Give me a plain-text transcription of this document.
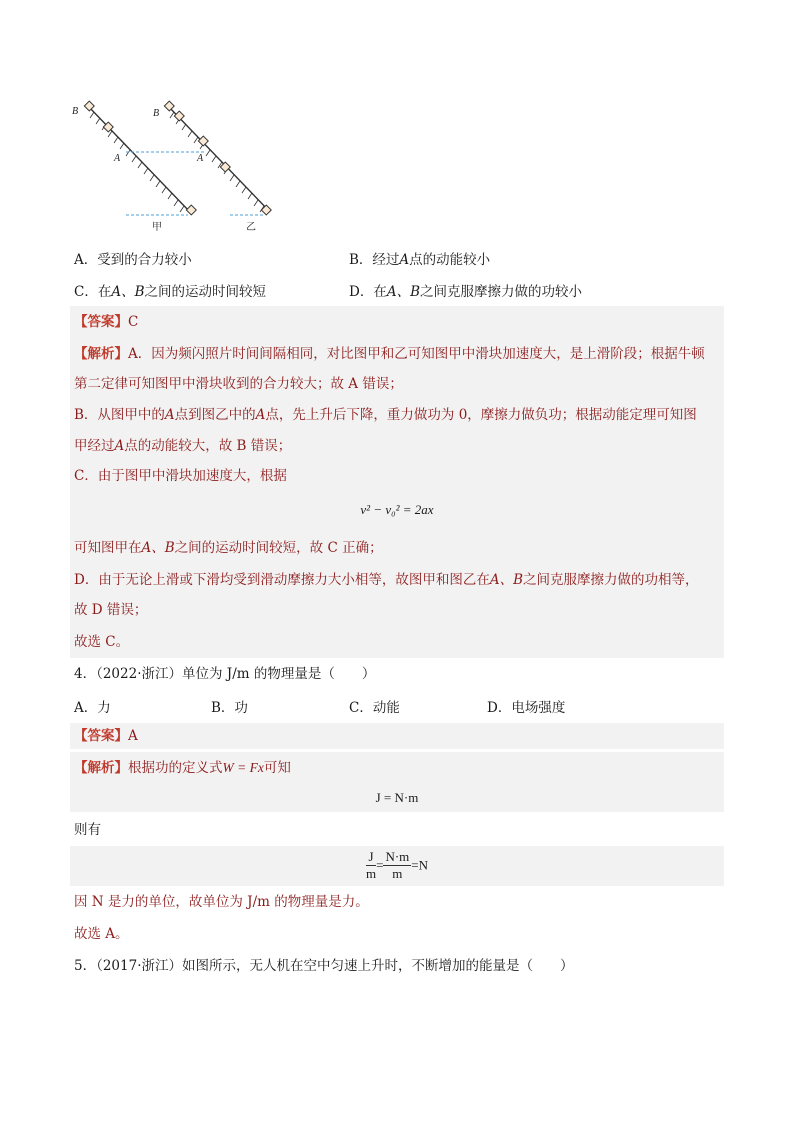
B
A
甲
B
A
乙
A．受到的合力较小	B．经过A点的动能较小
C．在A、B之间的运动时间较短	D．在A、B之间克服摩擦力做的功较小
【答案】C
【解析】A．因为频闪照片时间间隔相同，对比图甲和乙可知图甲中滑块加速度大，是上滑阶段；根据牛顿
第二定律可知图甲中滑块收到的合力较大；故 A 错误；
B．从图甲中的A点到图乙中的A点，先上升后下降，重力做功为 0，摩擦力做负功；根据动能定理可知图
甲经过A点的动能较大，故 B 错误；
C．由于图甲中滑块加速度大，根据
v² − v₀² = 2ax
可知图甲在A、B之间的运动时间较短，故 C 正确；
D．由于无论上滑或下滑均受到滑动摩擦力大小相等，故图甲和图乙在A、B之间克服摩擦力做的功相等，
故 D 错误；
故选 C。
4．（2022·浙江）单位为 J/m 的物理量是（　　）
A．力	B．功	C．动能	D．电场强度
【答案】A
【解析】根据功的定义式W = Fx可知
J = N·m
则有
$\frac{J}{m} = \frac{N\cdot m}{m} =N$
因 N 是力的单位，故单位为 J/m 的物理量是力。
故选 A。
5．（2017·浙江）如图所示，无人机在空中匀速上升时，不断增加的能量是（　　）
